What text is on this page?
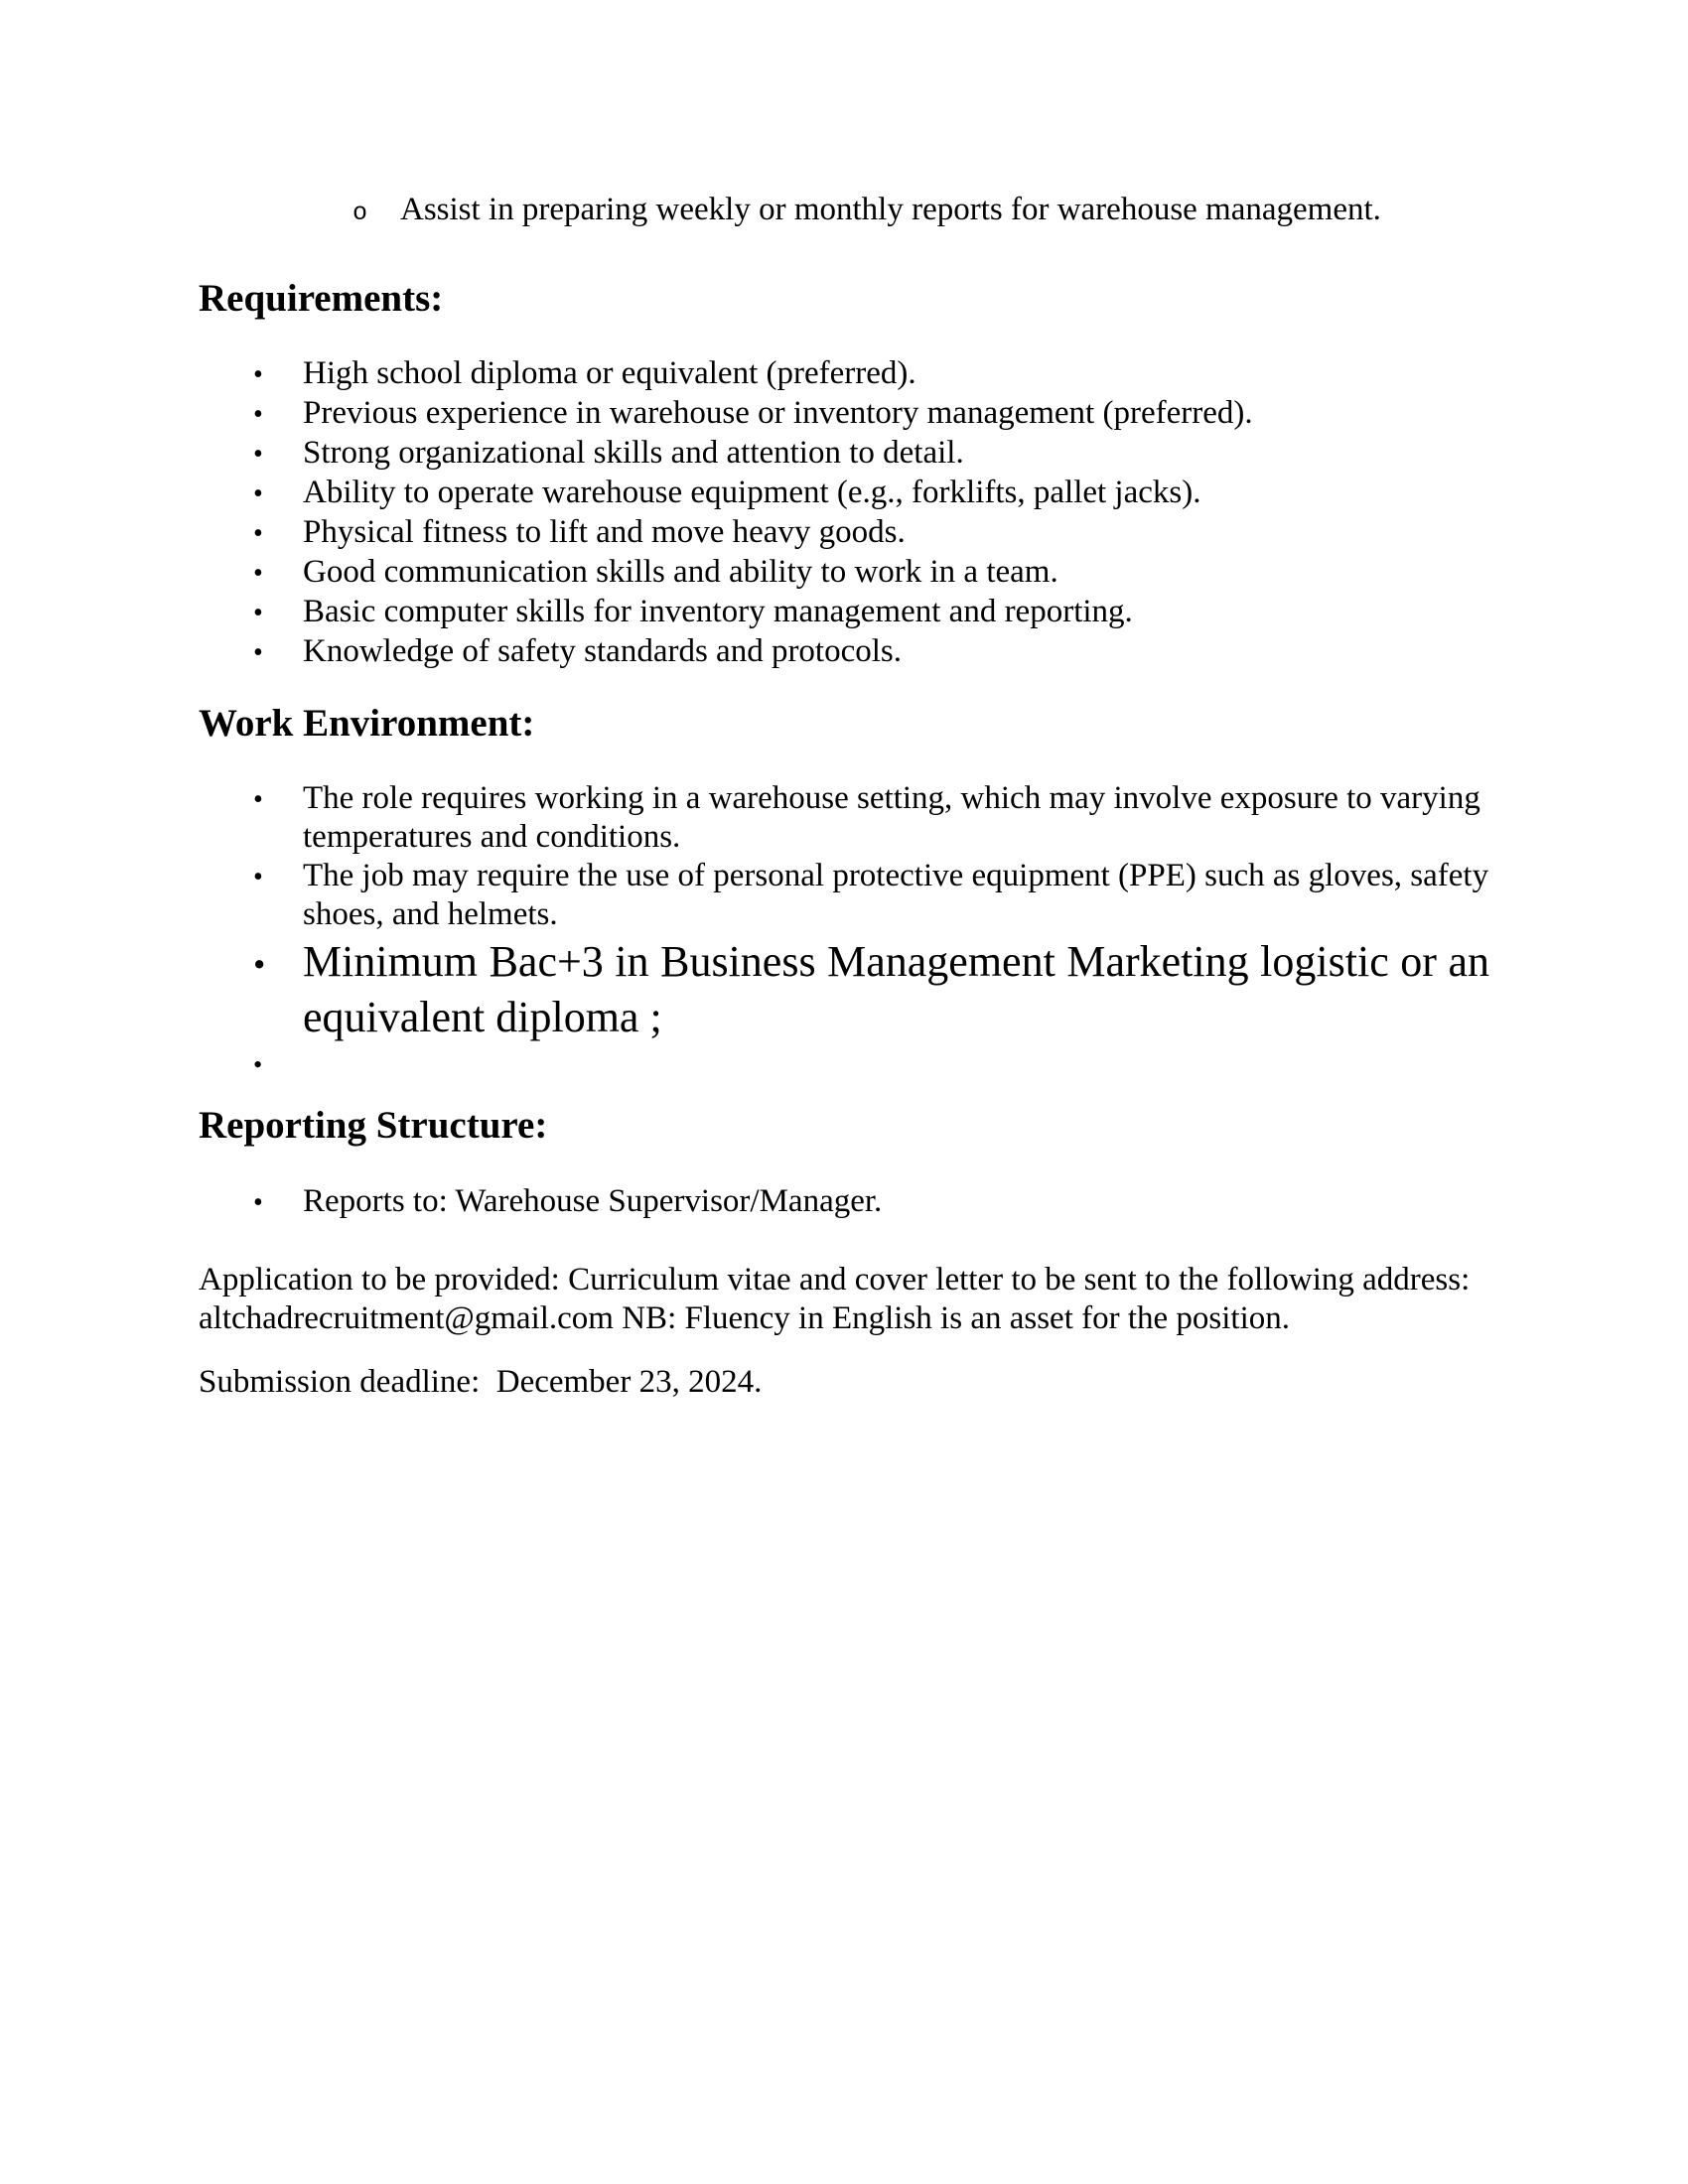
o Assist in preparing weekly or monthly reports for warehouse management.

Requirements:

•	High school diploma or equivalent (preferred).
•	Previous experience in warehouse or inventory management (preferred).
•	Strong organizational skills and attention to detail.
•	Ability to operate warehouse equipment (e.g., forklifts, pallet jacks).
•	Physical fitness to lift and move heavy goods.
•	Good communication skills and ability to work in a team.
•	Basic computer skills for inventory management and reporting.
•	Knowledge of safety standards and protocols.

Work Environment:

•	The role requires working in a warehouse setting, which may involve exposure to varying temperatures and conditions.
•	The job may require the use of personal protective equipment (PPE) such as gloves, safety shoes, and helmets.
• Minimum Bac+3 in Business Management Marketing logistic or an
equivalent diploma ;
•

Reporting Structure:

•	Reports to: Warehouse Supervisor/Manager.

Application to be provided: Curriculum vitae and cover letter to be sent to the following address: altchadrecruitment@gmail.com NB: Fluency in English is an asset for the position.

Submission deadline:  December 23, 2024.
